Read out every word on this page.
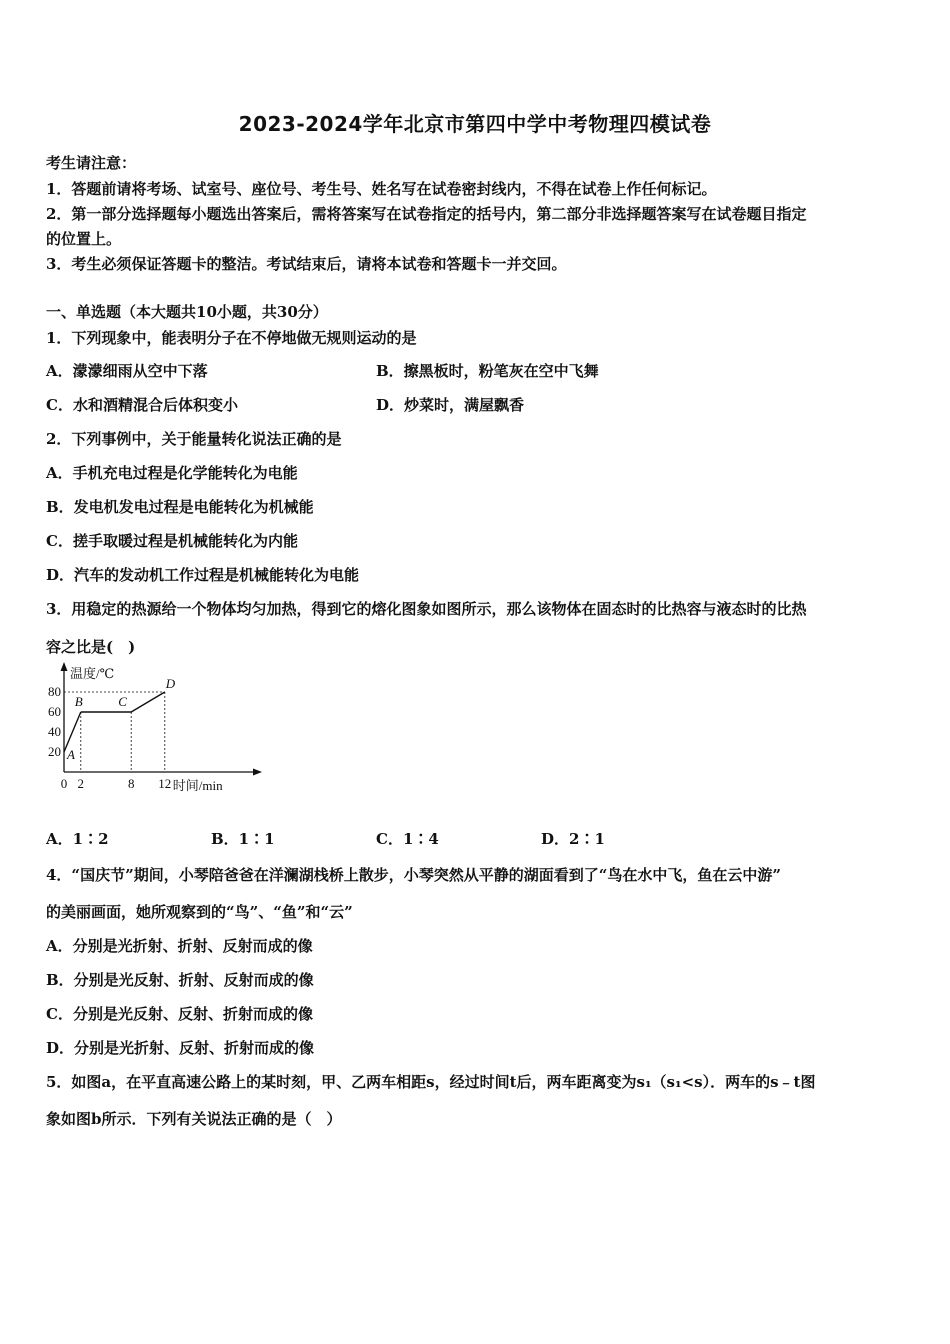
2023-2024学年北京市第四中学中考物理四模试卷
考生请注意：
1．答题前请将考场、试室号、座位号、考生号、姓名写在试卷密封线内，不得在试卷上作任何标记。
2．第一部分选择题每小题选出答案后，需将答案写在试卷指定的括号内，第二部分非选择题答案写在试卷题目指定
的位置上。
3．考生必须保证答题卡的整洁。考试结束后，请将本试卷和答题卡一并交回。
一、单选题（本大题共10小题，共30分）
1．下列现象中，能表明分子在不停地做无规则运动的是
A．濛濛细雨从空中下落	B．擦黑板时，粉笔灰在空中飞舞
C．水和酒精混合后体积变小	D．炒菜时，满屋飘香
2．下列事例中，关于能量转化说法正确的是
A．手机充电过程是化学能转化为电能
B．发电机发电过程是电能转化为机械能
C．搓手取暖过程是机械能转化为内能
D．汽车的发动机工作过程是机械能转化为电能
3．用稳定的热源给一个物体均匀加热，得到它的熔化图象如图所示，那么该物体在固态时的比热容与液态时的比热
容之比是(　)
A
B	C
D
20
40
60
80
0 2	8 12
温度/℃
时间/min
A．1∶2	B．1∶1	C．1∶4	D．2∶1
4．“国庆节”期间，小琴陪爸爸在洋澜湖栈桥上散步，小琴突然从平静的湖面看到了“鸟在水中飞，鱼在云中游”
的美丽画面，她所观察到的“鸟”、“鱼”和“云”
A．分别是光折射、折射、反射而成的像
B．分别是光反射、折射、反射而成的像
C．分别是光反射、反射、折射而成的像
D．分别是光折射、反射、折射而成的像
5．如图a，在平直高速公路上的某时刻，甲、乙两车相距s，经过时间t后，两车距离变为s₁（s₁<s）．两车的s﹣t图
象如图b所示．下列有关说法正确的是（　）
